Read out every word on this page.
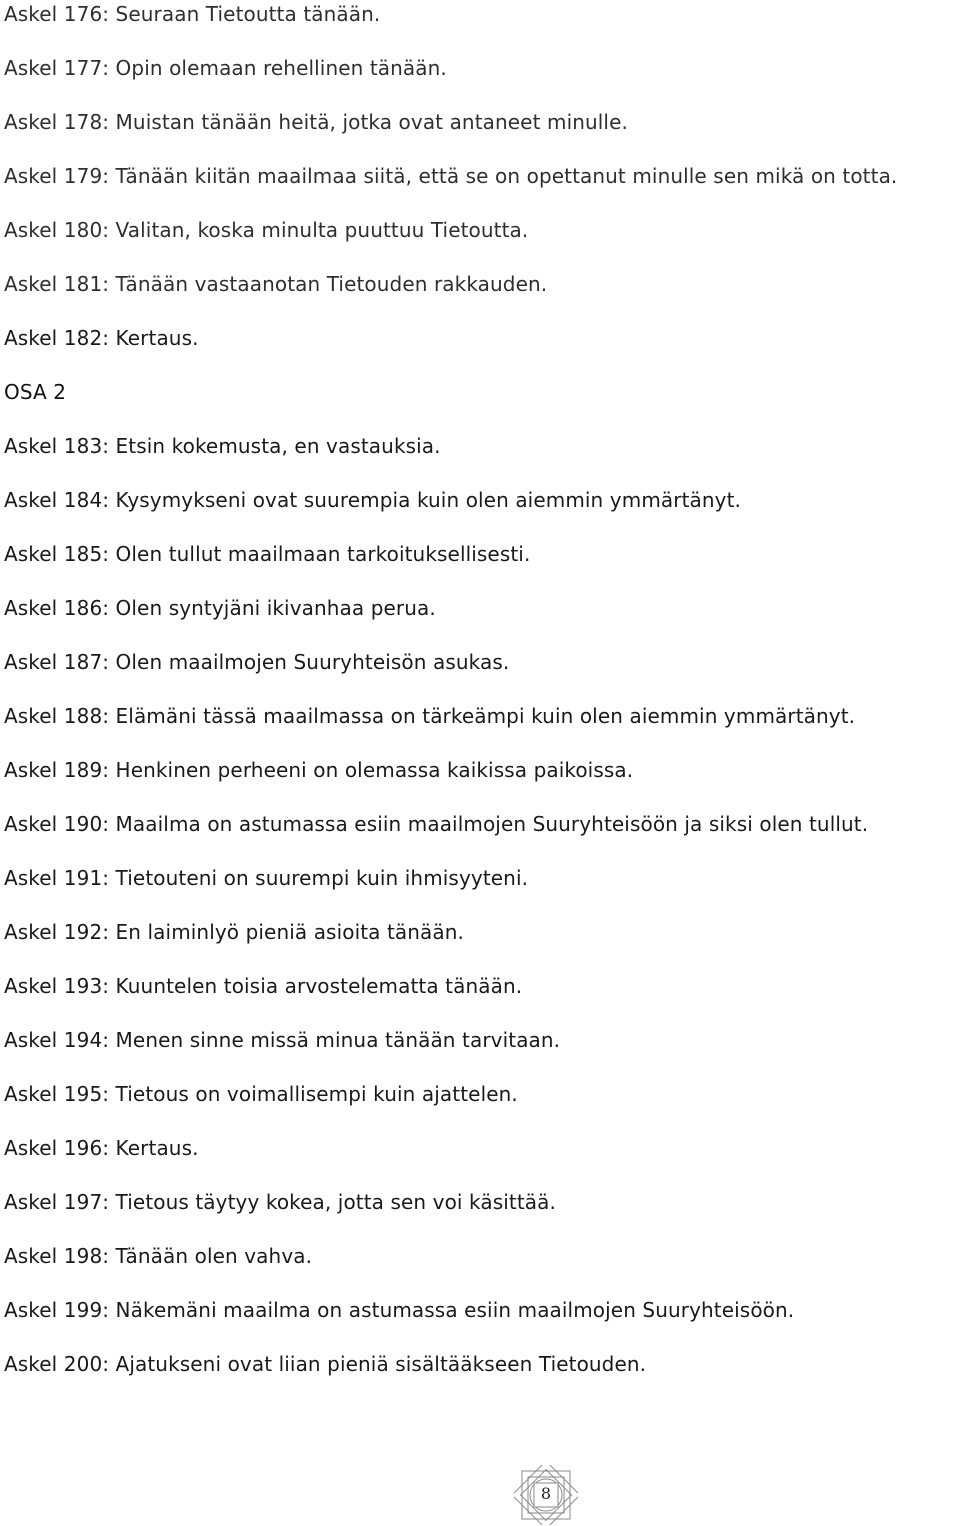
Askel 176: Seuraan Tietoutta tänään.
Askel 177: Opin olemaan rehellinen tänään.
Askel 178: Muistan tänään heitä, jotka ovat antaneet minulle.
Askel 179: Tänään kiitän maailmaa siitä, että se on opettanut minulle sen mikä on totta.
Askel 180: Valitan, koska minulta puuttuu Tietoutta.
Askel 181: Tänään vastaanotan Tietouden rakkauden.
Askel 182: Kertaus.
OSA 2
Askel 183: Etsin kokemusta, en vastauksia.
Askel 184: Kysymykseni ovat suurempia kuin olen aiemmin ymmärtänyt.
Askel 185: Olen tullut maailmaan tarkoituksellisesti.
Askel 186: Olen syntyjäni ikivanhaa perua.
Askel 187: Olen maailmojen Suuryhteisön asukas.
Askel 188: Elämäni tässä maailmassa on tärkeämpi kuin olen aiemmin ymmärtänyt.
Askel 189: Henkinen perheeni on olemassa kaikissa paikoissa.
Askel 190: Maailma on astumassa esiin maailmojen Suuryhteisöön ja siksi olen tullut.
Askel 191: Tietouteni on suurempi kuin ihmisyyteni.
Askel 192: En laiminlyö pieniä asioita tänään.
Askel 193: Kuuntelen toisia arvostelematta tänään.
Askel 194: Menen sinne missä minua tänään tarvitaan.
Askel 195: Tietous on voimallisempi kuin ajattelen.
Askel 196: Kertaus.
Askel 197: Tietous täytyy kokea, jotta sen voi käsittää.
Askel 198: Tänään olen vahva.
Askel 199: Näkemäni maailma on astumassa esiin maailmojen Suuryhteisöön.
Askel 200: Ajatukseni ovat liian pieniä sisältääkseen Tietouden.
8
